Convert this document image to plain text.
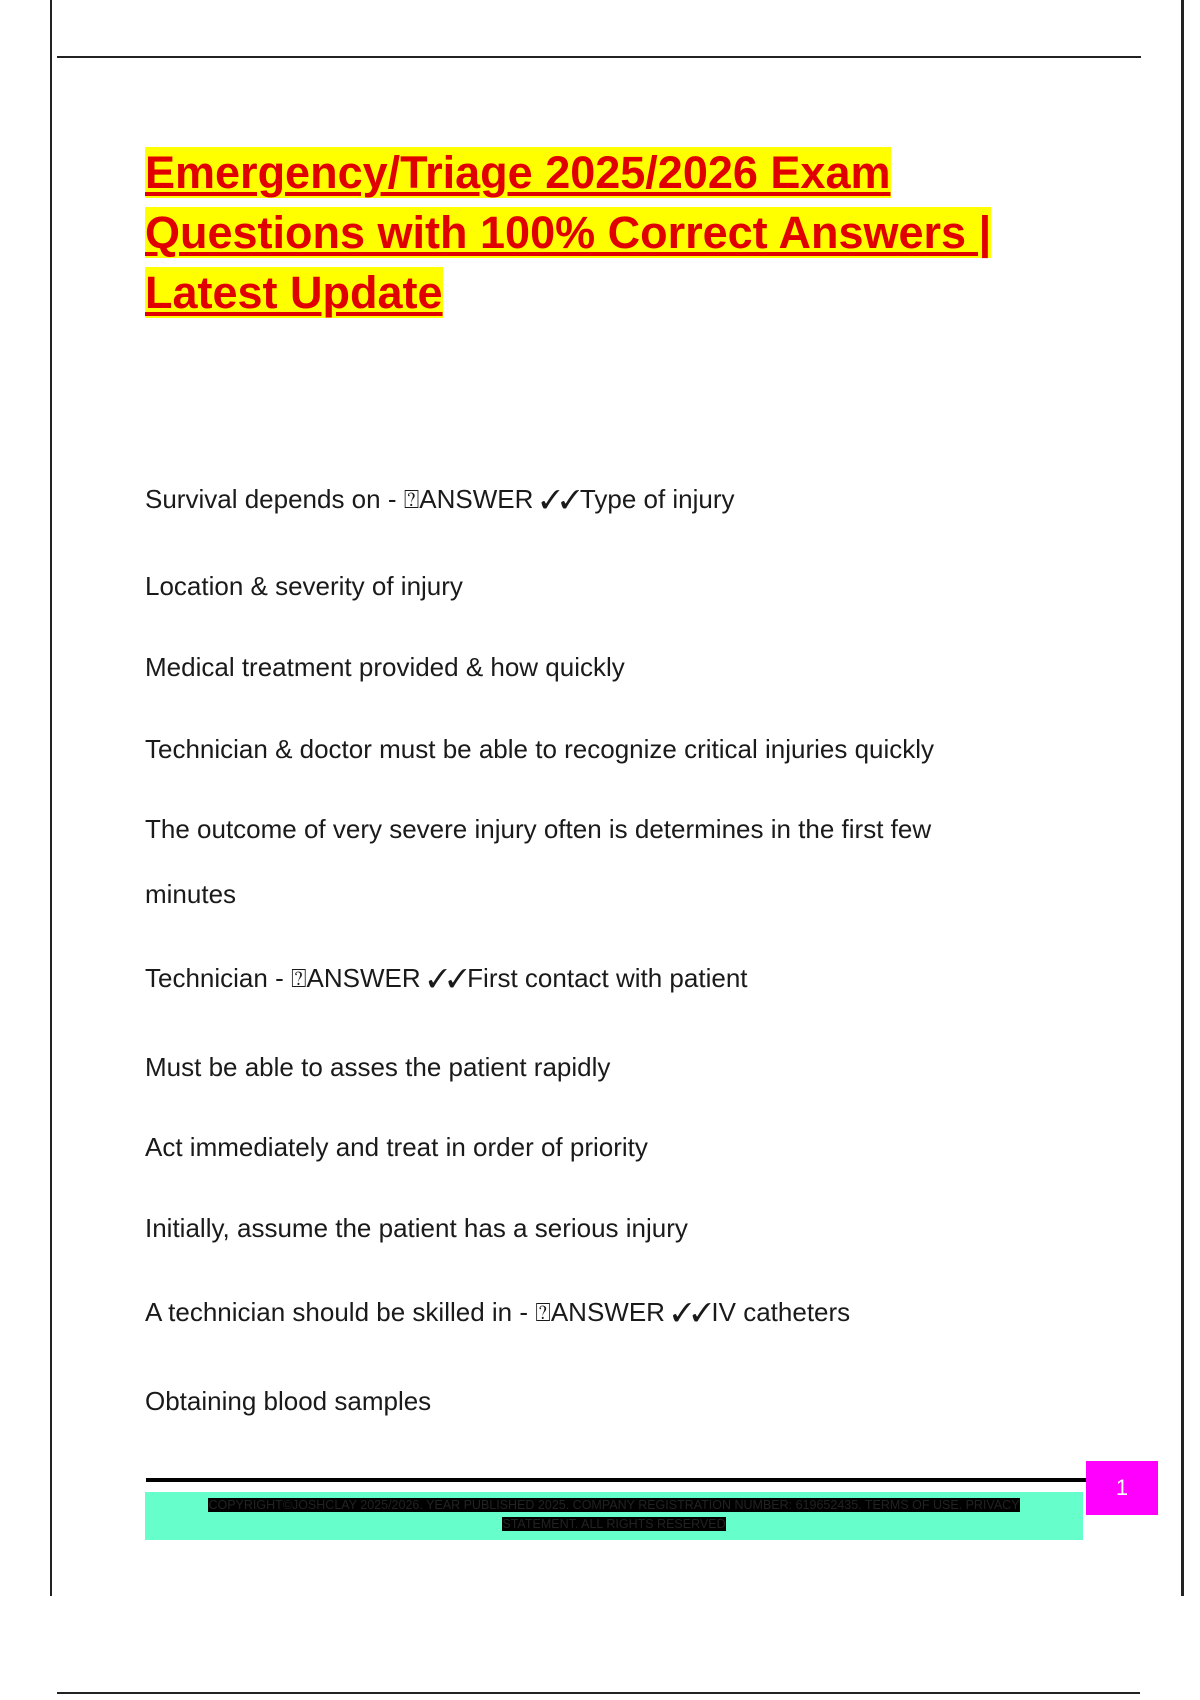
Emergency/Triage 2025/2026 Exam
Questions with 100% Correct Answers |
Latest Update
Survival depends on - ⍰ANSWER ✓✓Type of injury
Location & severity of injury
Medical treatment provided & how quickly
Technician & doctor must be able to recognize critical injuries quickly
The outcome of very severe injury often is determines in the first few
minutes
Technician - ⍰ANSWER ✓✓First contact with patient
Must be able to asses the patient rapidly
Act immediately and treat in order of priority
Initially, assume the patient has a serious injury
A technician should be skilled in - ⍰ANSWER ✓✓IV catheters
Obtaining blood samples
COPYRIGHT©JOSHCLAY 2025/2026. YEAR PUBLISHED 2025. COMPANY REGISTRATION NUMBER: 619652435. TERMS OF USE. PRIVACY
STATEMENT. ALL RIGHTS RESERVED
1
